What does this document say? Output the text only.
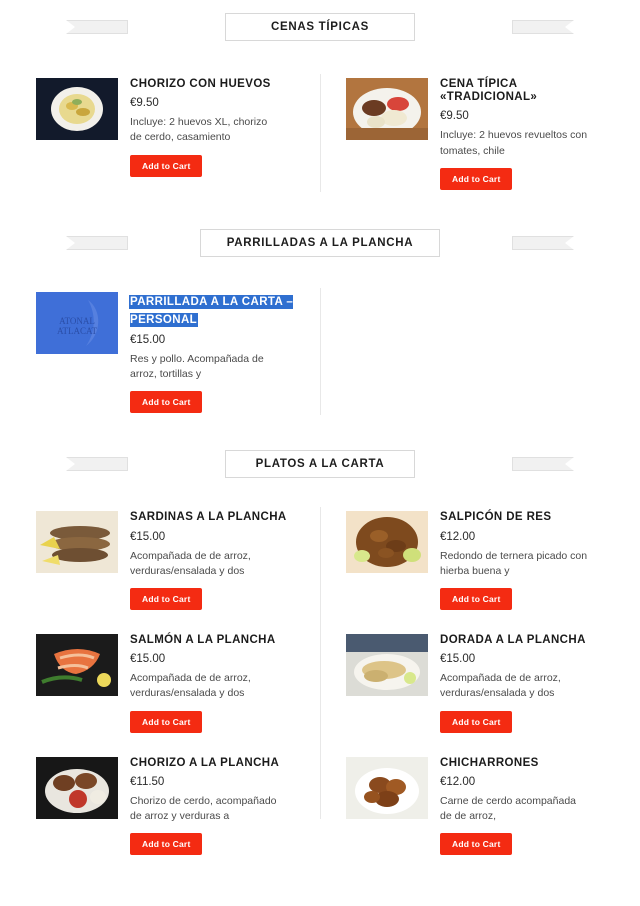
CENAS TÍPICAS
CHORIZO CON HUEVOS
€9.50
Incluye: 2 huevos XL, chorizo de cerdo, casamiento
Add to Cart
CENA TÍPICA «TRADICIONAL»
€9.50
Incluye: 2 huevos revueltos con tomates, chile
Add to Cart
PARRILLADAS A LA PLANCHA
ATONAL
ATLACAT
PARRILLADA A LA CARTA – PERSONAL
€15.00
Res y pollo. Acompañada de arroz, tortillas y
Add to Cart
PLATOS A LA CARTA
SARDINAS A LA PLANCHA
€15.00
Acompañada de de arroz, verduras/ensalada y dos
Add to Cart
SALPICÓN DE RES
€12.00
Redondo de ternera picado con hierba buena y
Add to Cart
SALMÓN A LA PLANCHA
€15.00
Acompañada de de arroz, verduras/ensalada y dos
Add to Cart
DORADA A LA PLANCHA
€15.00
Acompañada de de arroz, verduras/ensalada y dos
Add to Cart
CHORIZO A LA PLANCHA
€11.50
Chorizo de cerdo, acompañado de arroz y verduras a
Add to Cart
CHICHARRONES
€12.00
Carne de cerdo acompañada de de arroz,
Add to Cart
